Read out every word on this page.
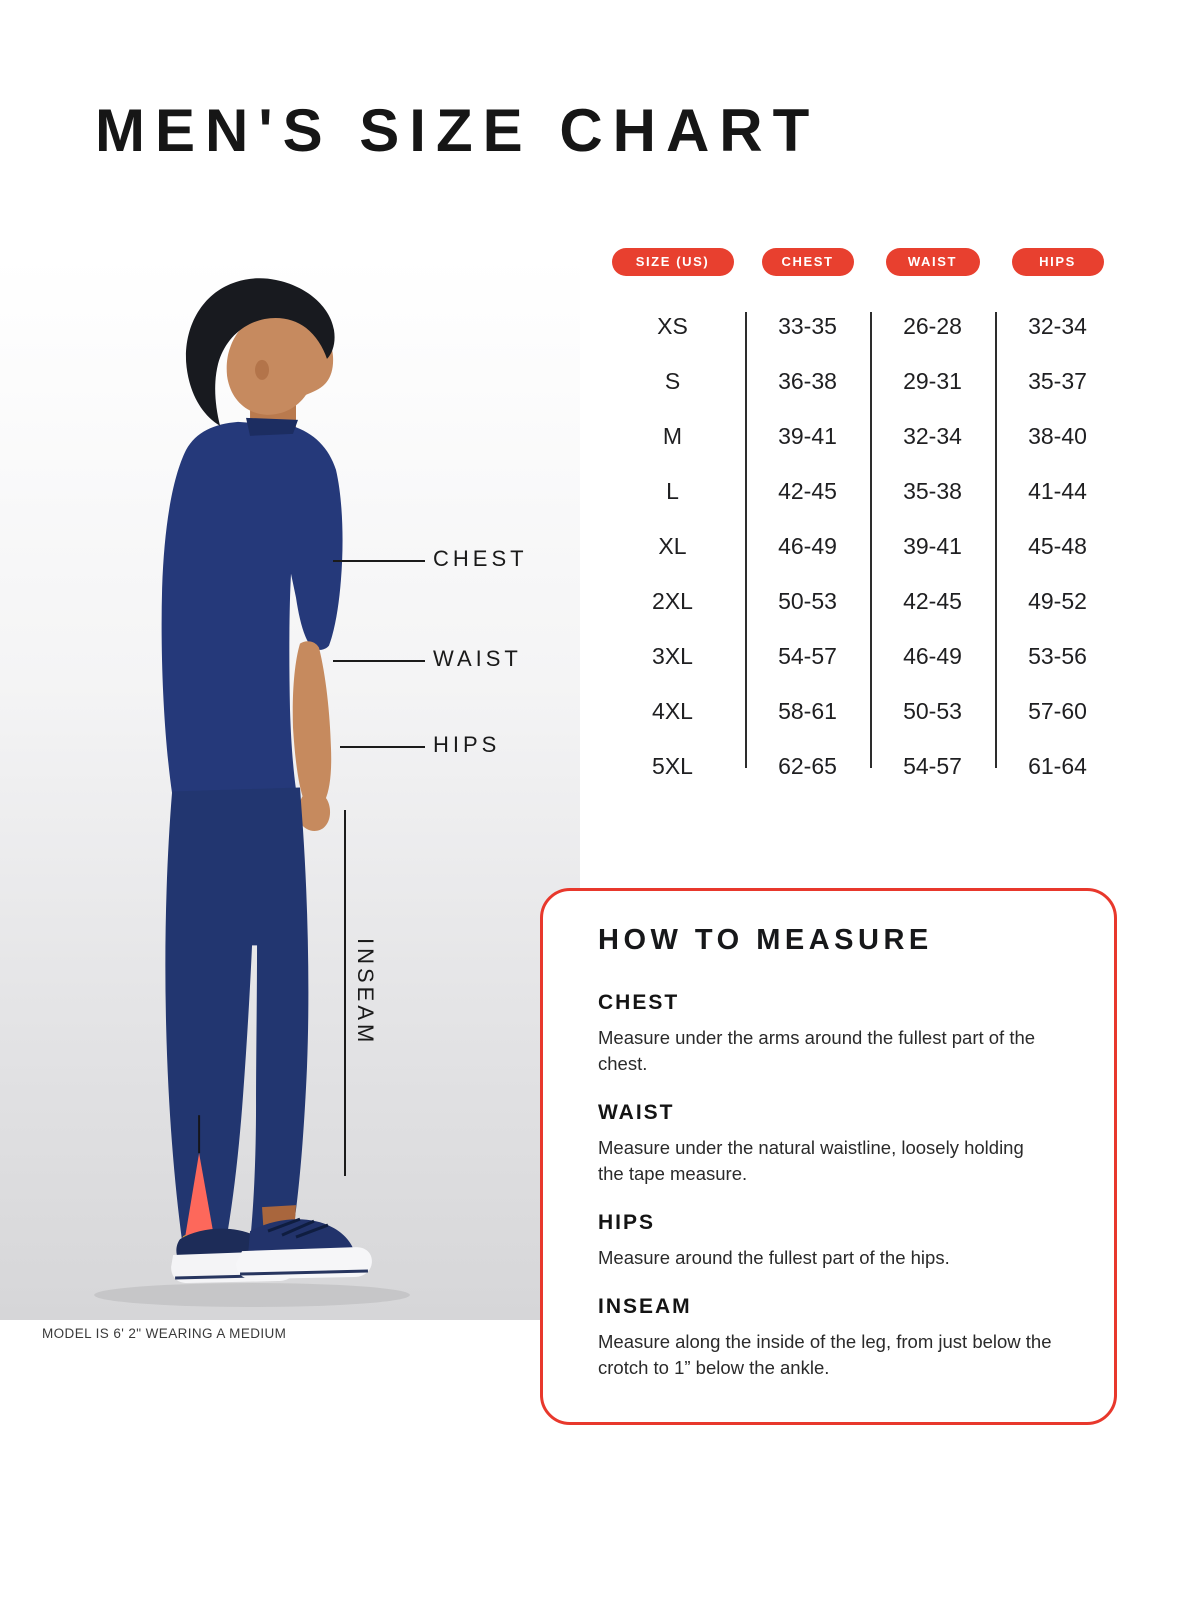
MEN'S SIZE CHART
CHEST
WAIST
HIPS
INSEAM
MODEL IS 6' 2" WEARING A MEDIUM
SIZE (US)	CHEST	WAIST	HIPS
XS	33-35	26-28	32-34
S	36-38	29-31	35-37
M	39-41	32-34	38-40
L	42-45	35-38	41-44
XL	46-49	39-41	45-48
2XL	50-53	42-45	49-52
3XL	54-57	46-49	53-56
4XL	58-61	50-53	57-60
5XL	62-65	54-57	61-64
HOW TO MEASURE
CHEST

Measure under the arms around the fullest part of the chest.

WAIST

Measure under the natural waistline, loosely holding the tape measure.

HIPS

Measure around the fullest part of the hips.

INSEAM

Measure along the inside of the leg, from just below the crotch to 1” below the ankle.
